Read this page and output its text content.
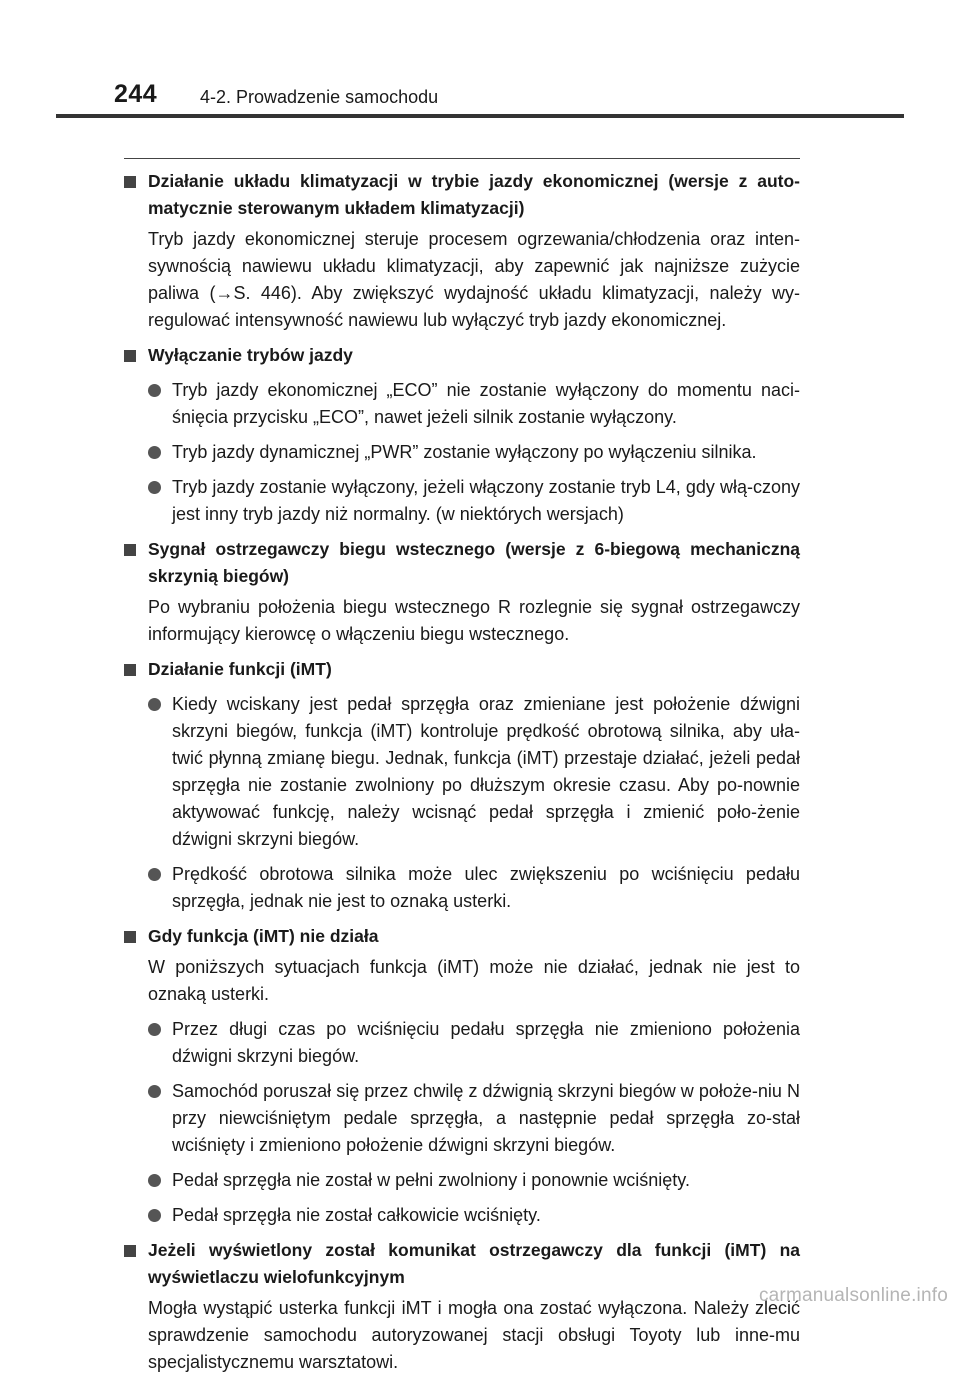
244 4-2. Prowadzenie samochodu
Działanie układu klimatyzacji w trybie jazdy ekonomicznej (wersje z auto-matycznie sterowanym układem klimatyzacji)
Tryb jazdy ekonomicznej steruje procesem ogrzewania/chłodzenia oraz inten-sywnością nawiewu układu klimatyzacji, aby zapewnić jak najniższe zużycie paliwa (→S. 446). Aby zwiększyć wydajność układu klimatyzacji, należy wy-regulować intensywność nawiewu lub wyłączyć tryb jazdy ekonomicznej.
Wyłączanie trybów jazdy
Tryb jazdy ekonomicznej „ECO” nie zostanie wyłączony do momentu naci-śnięcia przycisku „ECO”, nawet jeżeli silnik zostanie wyłączony.
Tryb jazdy dynamicznej „PWR” zostanie wyłączony po wyłączeniu silnika.
Tryb jazdy zostanie wyłączony, jeżeli włączony zostanie tryb L4, gdy włą-czony jest inny tryb jazdy niż normalny. (w niektórych wersjach)
Sygnał ostrzegawczy biegu wstecznego (wersje z 6-biegową mechaniczną skrzynią biegów)
Po wybraniu położenia biegu wstecznego R rozlegnie się sygnał ostrzegawczy informujący kierowcę o włączeniu biegu wstecznego.
Działanie funkcji (iMT)
Kiedy wciskany jest pedał sprzęgła oraz zmieniane jest położenie dźwigni skrzyni biegów, funkcja (iMT) kontroluje prędkość obrotową silnika, aby uła-twić płynną zmianę biegu. Jednak, funkcja (iMT) przestaje działać, jeżeli pedał sprzęgła nie zostanie zwolniony po dłuższym okresie czasu. Aby po-nownie aktywować funkcję, należy wcisnąć pedał sprzęgła i zmienić poło-żenie dźwigni skrzyni biegów.
Prędkość obrotowa silnika może ulec zwiększeniu po wciśnięciu pedału sprzęgła, jednak nie jest to oznaką usterki.
Gdy funkcja (iMT) nie działa
W poniższych sytuacjach funkcja (iMT) może nie działać, jednak nie jest to oznaką usterki.
Przez długi czas po wciśnięciu pedału sprzęgła nie zmieniono położenia dźwigni skrzyni biegów.
Samochód poruszał się przez chwilę z dźwignią skrzyni biegów w położe-niu N przy niewciśniętym pedale sprzęgła, a następnie pedał sprzęgła zo-stał wciśnięty i zmieniono położenie dźwigni skrzyni biegów.
Pedał sprzęgła nie został w pełni zwolniony i ponownie wciśnięty.
Pedał sprzęgła nie został całkowicie wciśnięty.
Jeżeli wyświetlony został komunikat ostrzegawczy dla funkcji (iMT) na wyświetlaczu wielofunkcyjnym
Mogła wystąpić usterka funkcji iMT i mogła ona zostać wyłączona. Należy zlecić sprawdzenie samochodu autoryzowanej stacji obsługi Toyoty lub inne-mu specjalistycznemu warsztatowi.
carmanualsonline.info
